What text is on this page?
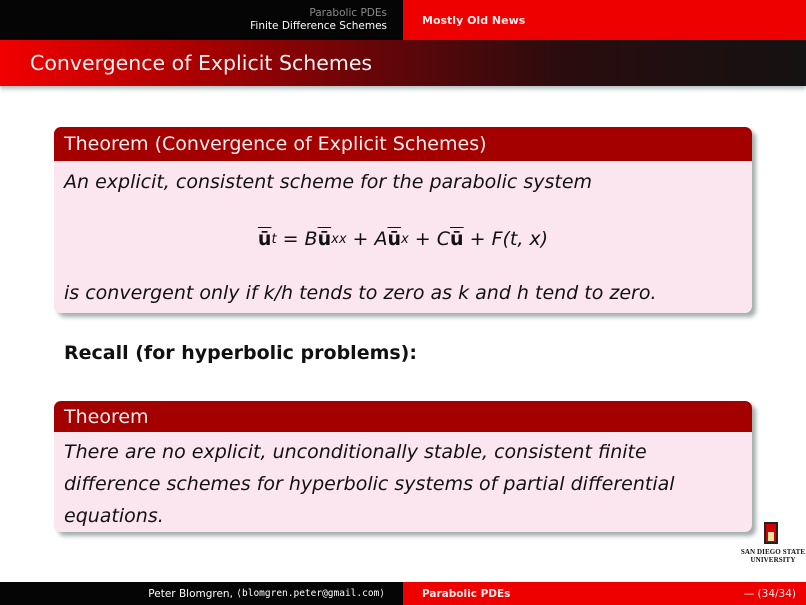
Parabolic PDEs
Finite Difference Schemes	Mostly Old News
Convergence of Explicit Schemes
Theorem (Convergence of Explicit Schemes)
An explicit, consistent scheme for the parabolic system
$\overline{ū}$ t = B $\overline{ū}$ xx + A $\overline{ū}$ x + C $\overline{ū} + F(t$, x)
is convergent only if k/h tends to zero as k and h tend to zero.
Recall (for hyperbolic problems):
Theorem
There are no explicit, unconditionally stable, consistent finite
difference schemes for hyperbolic systems of partial differential
equations.
SAN DIEGO STATE
UNIVERSITY
Peter Blomgren,
⟨blomgren.peter@gmail.com⟩	Parabolic PDEs	— (34/34)
